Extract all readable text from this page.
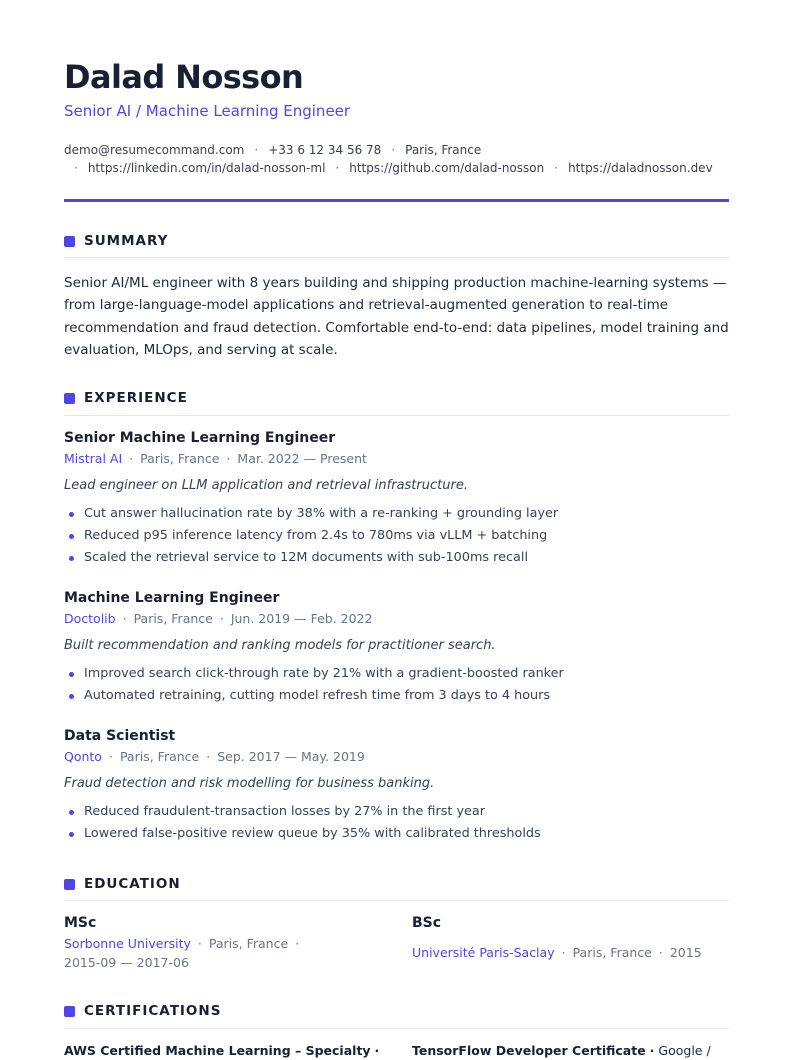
Dalad Nosson
Senior AI / Machine Learning Engineer
demo@resumecommand.com · +33 6 12 34 56 78 · Paris, France
· https://linkedin.com/in/dalad-nosson-ml · https://github.com/dalad-nosson · https://daladnosson.dev
SUMMARY

Senior AI/ML engineer with 8 years building and shipping production machine-learning systems — from large-language-model applications and retrieval-augmented generation to real-time recommendation and fraud detection. Comfortable end-to-end: data pipelines, model training and evaluation, MLOps, and serving at scale.

EXPERIENCE
Senior Machine Learning Engineer
Mistral AI · Paris, France · Mar. 2022 — Present
Lead engineer on LLM application and retrieval infrastructure.
Cut answer hallucination rate by 38% with a re-ranking + grounding layer
Reduced p95 inference latency from 2.4s to 780ms via vLLM + batching
Scaled the retrieval service to 12M documents with sub-100ms recall
Machine Learning Engineer
Doctolib · Paris, France · Jun. 2019 — Feb. 2022
Built recommendation and ranking models for practitioner search.
Improved search click-through rate by 21% with a gradient-boosted ranker
Automated retraining, cutting model refresh time from 3 days to 4 hours
Data Scientist
Qonto · Paris, France · Sep. 2017 — May. 2019
Fraud detection and risk modelling for business banking.
Reduced fraudulent-transaction losses by 27% in the first year
Lowered false-positive review queue by 35% with calibrated thresholds
EDUCATION
MSc
Sorbonne University · Paris, France ·
2015-09 — 2017-06
BSc
Université Paris-Saclay · Paris, France · 2015
CERTIFICATIONS
AWS Certified Machine Learning – Specialty ·	TensorFlow Developer Certificate · Google /
